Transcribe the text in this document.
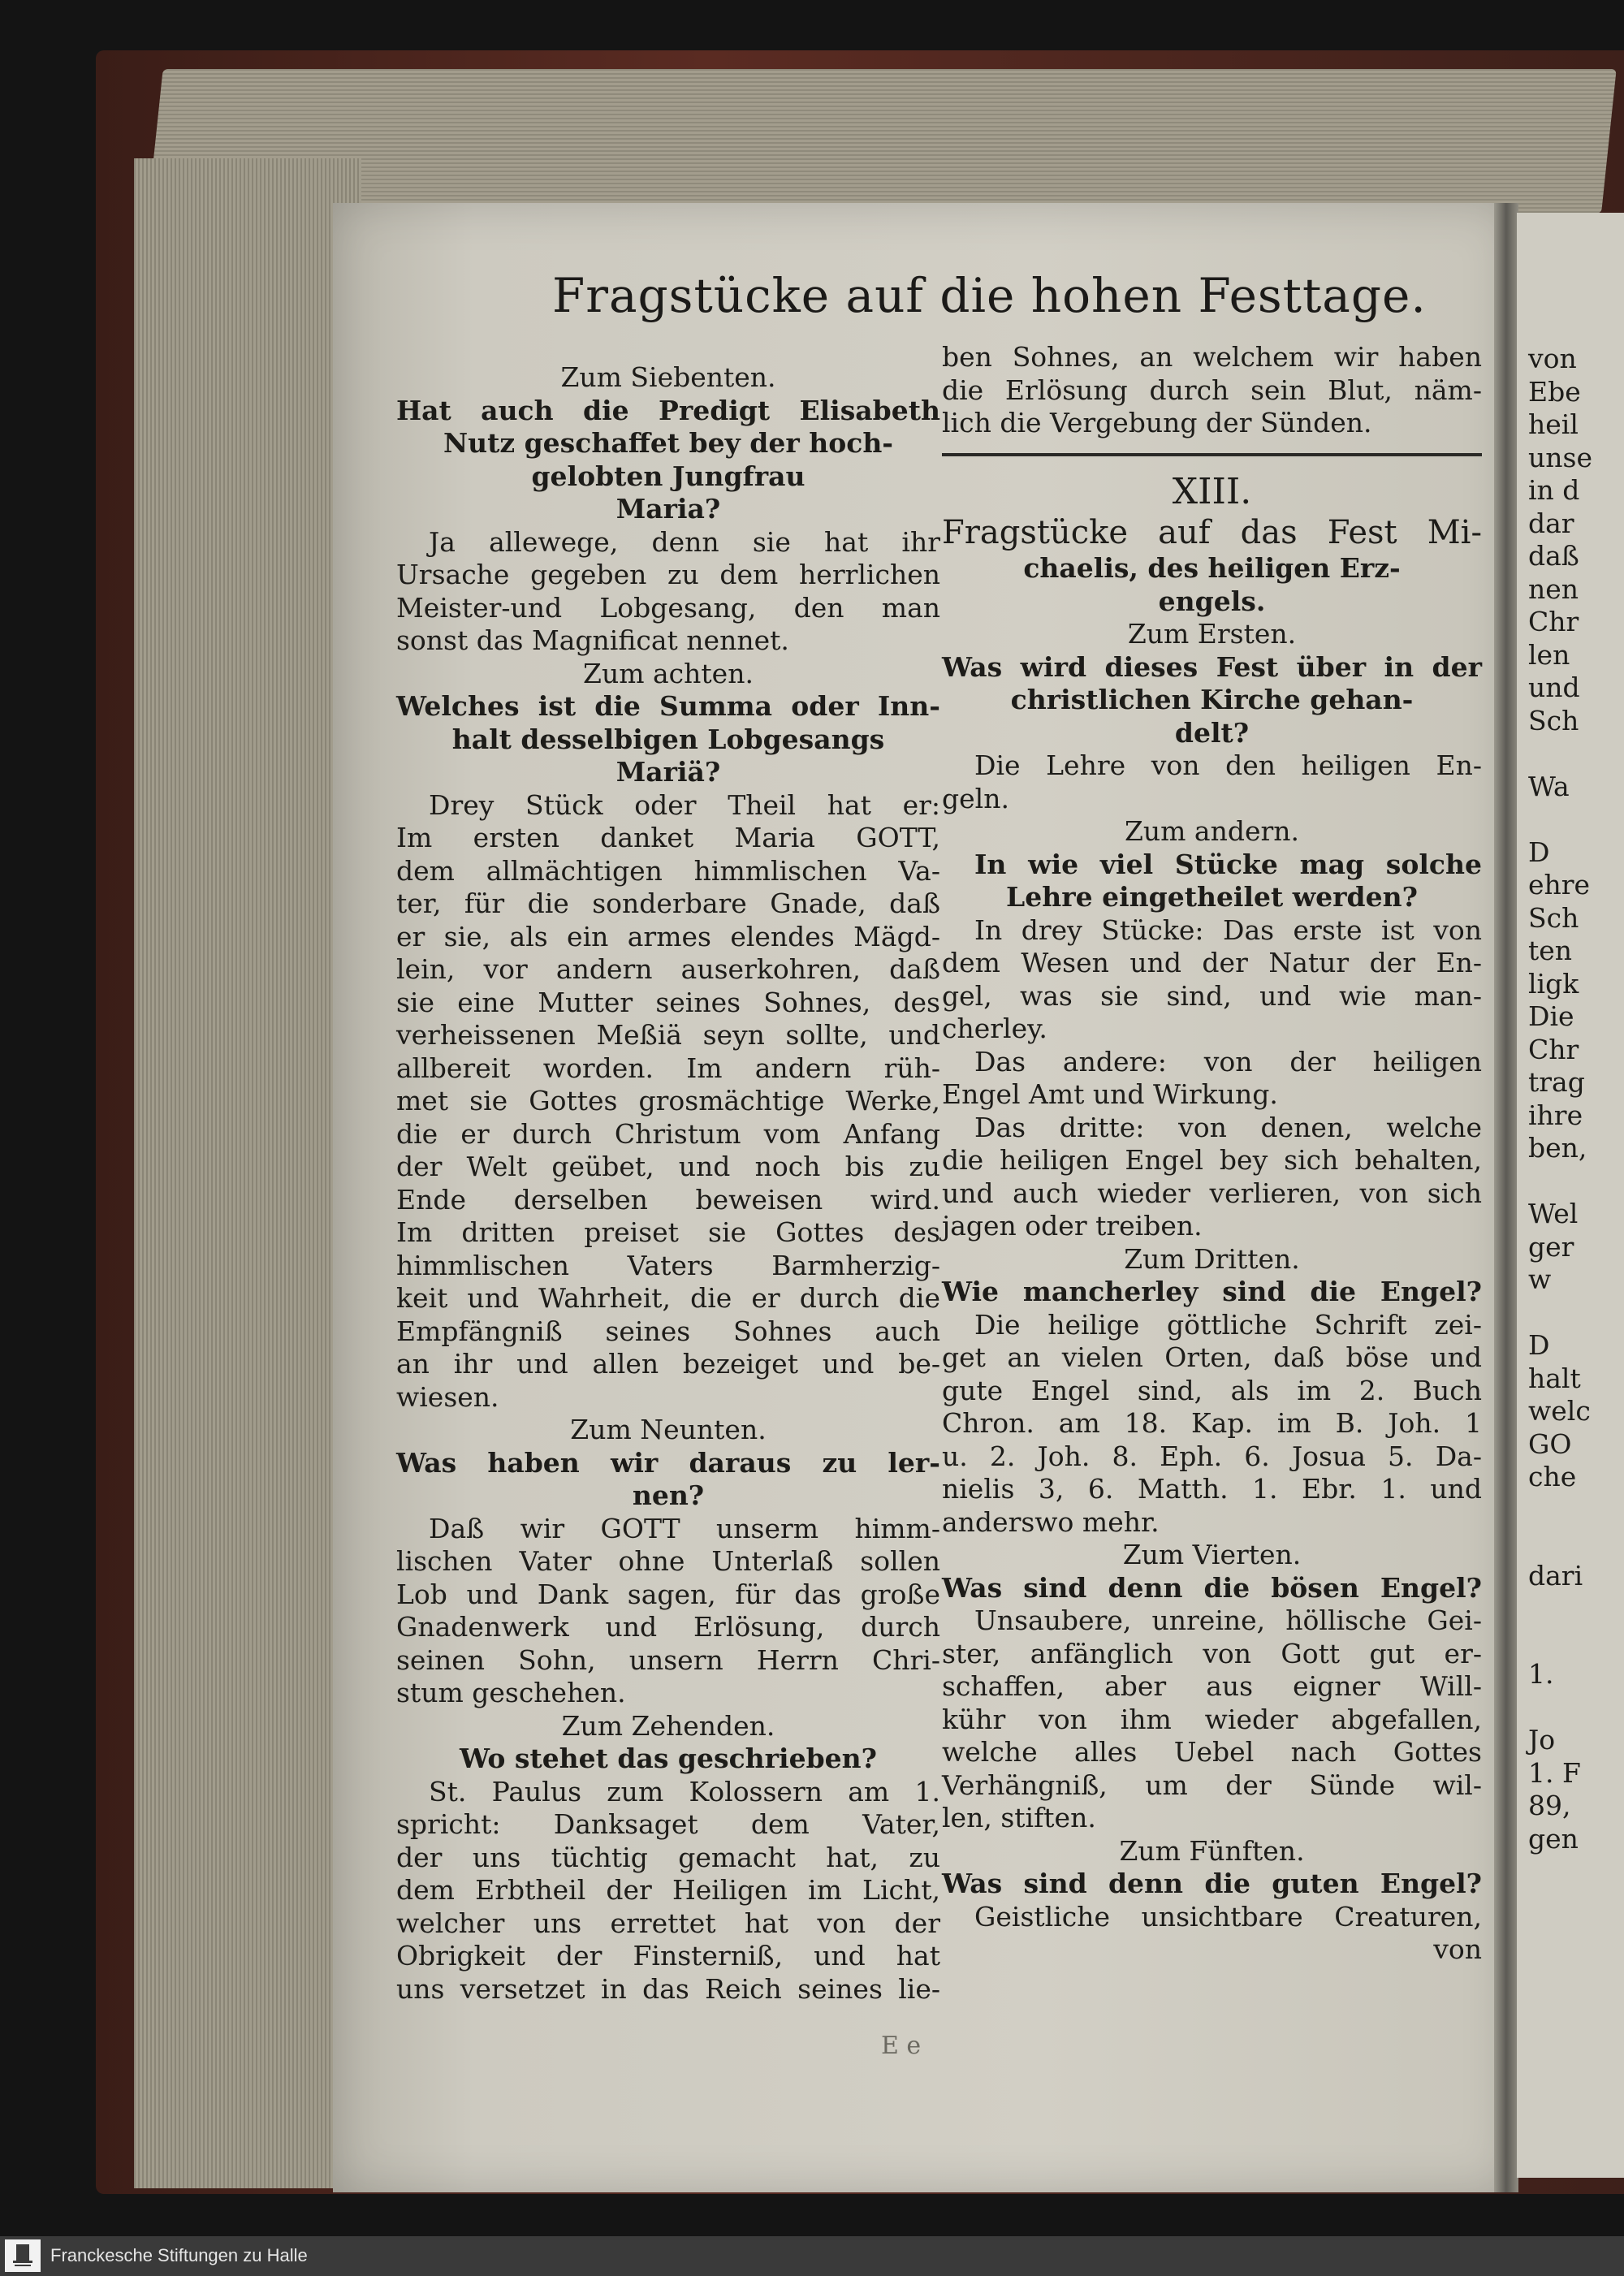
von

Ebe

heil

unse

in d

dar

daß

nen

Chr

len

und

Sch

Wa

D

ehre

Sch

ten

ligk

Die

Chr

trag

ihre

ben,

Wel

ger

w

D

halt

welc

GO

che

dari

1.

Jo

1. F

89,

gen

Fragstücke auf die hohen Festtage.

Zum Siebenten.

Hat auch die Predigt Elisabeth

Nutz geschaffet bey der hoch-

gelobten Jungfrau

Maria?

Ja allewege, denn sie hat ihr

Ursache gegeben zu dem herrlichen

Meister-und Lobgesang, den man

sonst das Magnificat nennet.

Zum achten.

Welches ist die Summa oder Inn-

halt desselbigen Lobgesangs

Mariä?

Drey Stück oder Theil hat er:

Im ersten danket Maria GOTT,

dem allmächtigen himmlischen Va-

ter, für die sonderbare Gnade, daß

er sie, als ein armes elendes Mägd-

lein, vor andern auserkohren, daß

sie eine Mutter seines Sohnes, des

verheissenen Meßiä seyn sollte, und

allbereit worden. Im andern rüh-

met sie Gottes grosmächtige Werke,

die er durch Christum vom Anfang

der Welt geübet, und noch bis zu

Ende derselben beweisen wird.

Im dritten preiset sie Gottes des

himmlischen Vaters Barmherzig-

keit und Wahrheit, die er durch die

Empfängniß seines Sohnes auch

an ihr und allen bezeiget und be-

wiesen.

Zum Neunten.

Was haben wir daraus zu ler-

nen?

Daß wir GOTT unserm himm-

lischen Vater ohne Unterlaß sollen

Lob und Dank sagen, für das große

Gnadenwerk und Erlösung, durch

seinen Sohn, unsern Herrn Chri-

stum geschehen.

Zum Zehenden.

Wo stehet das geschrieben?

St. Paulus zum Kolossern am 1.

spricht: Danksaget dem Vater,

der uns tüchtig gemacht hat, zu

dem Erbtheil der Heiligen im Licht,

welcher uns errettet hat von der

Obrigkeit der Finsterniß, und hat

uns versetzet in das Reich seines lie-

ben Sohnes, an welchem wir haben

die Erlösung durch sein Blut, näm-

lich die Vergebung der Sünden.

XIII.

Fragstücke auf das Fest Mi-

chaelis, des heiligen Erz-

engels.

Zum Ersten.

Was wird dieses Fest über in der

christlichen Kirche gehan-

delt?

Die Lehre von den heiligen En-

geln.

Zum andern.

In wie viel Stücke mag solche

Lehre eingetheilet werden?

In drey Stücke: Das erste ist von

dem Wesen und der Natur der En-

gel, was sie sind, und wie man-

cherley.

Das andere: von der heiligen

Engel Amt und Wirkung.

Das dritte: von denen, welche

die heiligen Engel bey sich behalten,

und auch wieder verlieren, von sich

jagen oder treiben.

Zum Dritten.

Wie mancherley sind die Engel?

Die heilige göttliche Schrift zei-

get an vielen Orten, daß böse und

gute Engel sind, als im 2. Buch

Chron. am 18. Kap. im B. Joh. 1

u. 2. Joh. 8. Eph. 6. Josua 5. Da-

nielis 3, 6. Matth. 1. Ebr. 1. und

anderswo mehr.

Zum Vierten.

Was sind denn die bösen Engel?

Unsaubere, unreine, höllische Gei-

ster, anfänglich von Gott gut er-

schaffen, aber aus eigner Will-

kühr von ihm wieder abgefallen,

welche alles Uebel nach Gottes

Verhängniß, um der Sünde wil-

len, stiften.

Zum Fünften.

Was sind denn die guten Engel?

Geistliche unsichtbare Creaturen,

von

E e
Franckesche Stiftungen zu Halle
